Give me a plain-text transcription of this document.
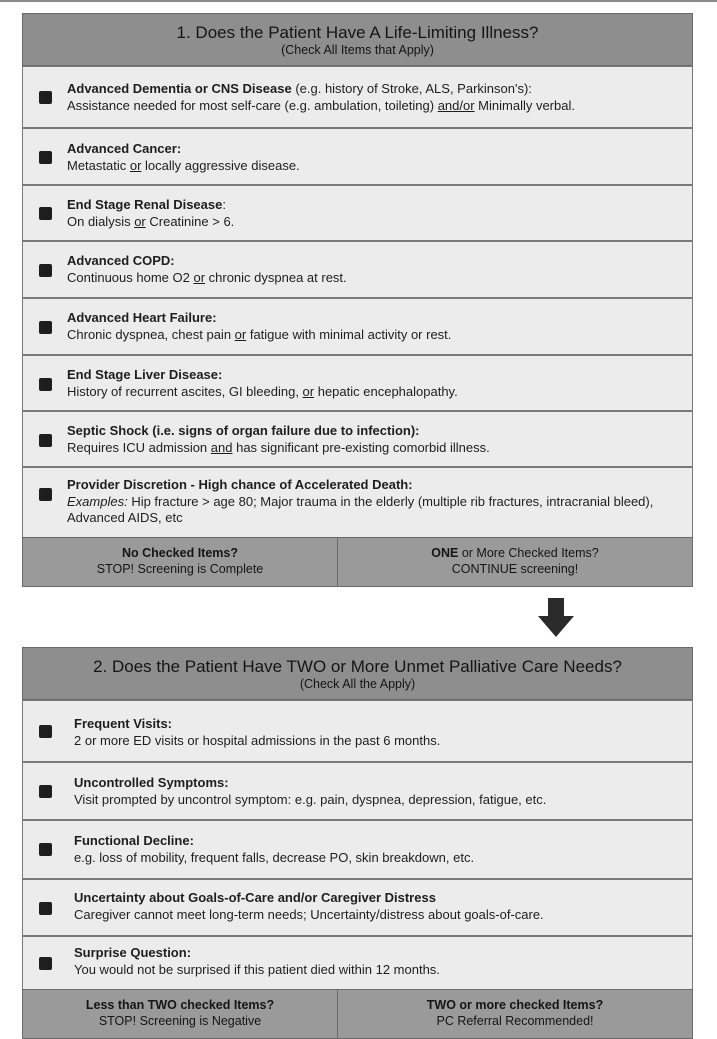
1. Does the Patient Have A Life-Limiting Illness?
(Check All Items that Apply)
Advanced Dementia or CNS Disease (e.g. history of Stroke, ALS, Parkinson's):
Assistance needed for most self-care (e.g. ambulation, toileting) and/or Minimally verbal.
Advanced Cancer:
Metastatic or locally aggressive disease.
End Stage Renal Disease:
On dialysis or Creatinine > 6.
Advanced COPD:
Continuous home O2 or chronic dyspnea at rest.
Advanced Heart Failure:
Chronic dyspnea, chest pain or fatigue with minimal activity or rest.
End Stage Liver Disease:
History of recurrent ascites, GI bleeding, or hepatic encephalopathy.
Septic Shock (i.e. signs of organ failure due to infection):
Requires ICU admission and has significant pre-existing comorbid illness.
Provider Discretion - High chance of Accelerated Death:
Examples: Hip fracture > age 80; Major trauma in the elderly (multiple rib fractures, intracranial bleed), Advanced AIDS, etc
No Checked Items?
STOP! Screening is Complete
ONE or More Checked Items?
CONTINUE screening!
2. Does the Patient Have TWO or More Unmet Palliative Care Needs?
(Check All the Apply)
Frequent Visits:
2 or more ED visits or hospital admissions in the past 6 months.
Uncontrolled Symptoms:
Visit prompted by uncontrol symptom: e.g. pain, dyspnea, depression, fatigue, etc.
Functional Decline:
e.g. loss of mobility, frequent falls, decrease PO, skin breakdown, etc.
Uncertainty about Goals-of-Care and/or Caregiver Distress
Caregiver cannot meet long-term needs; Uncertainty/distress about goals-of-care.
Surprise Question:
You would not be surprised if this patient died within 12 months.
Less than TWO checked Items?
STOP! Screening is Negative
TWO or more checked Items?
PC Referral Recommended!
